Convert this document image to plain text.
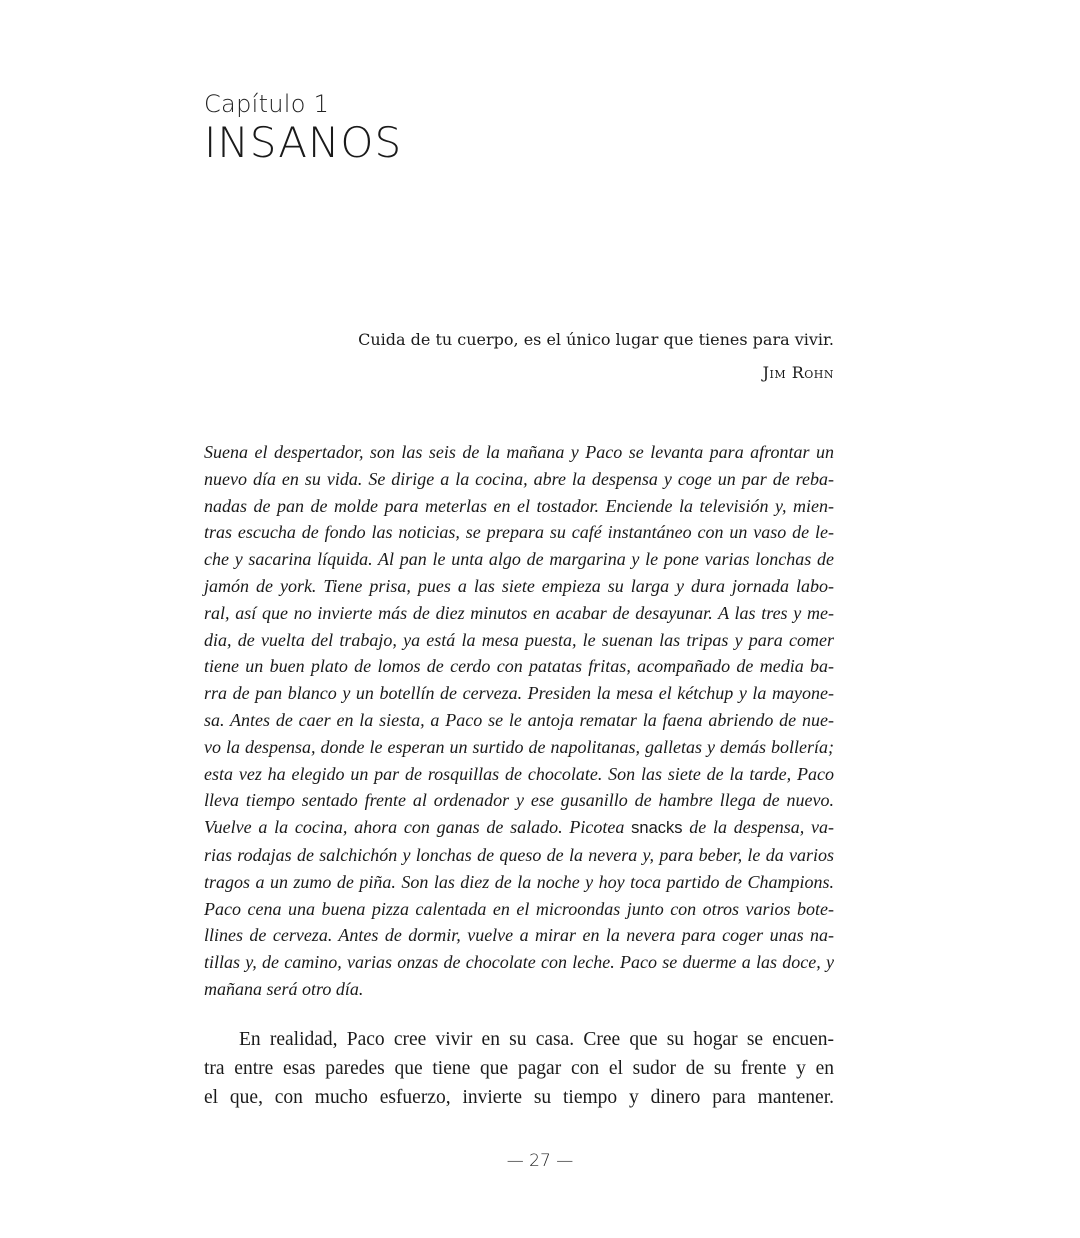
Capítulo 1
INSANOS

Cuida de tu cuerpo, es el único lugar que tienes para vivir.

Jim Rohn

Suena el despertador, son las seis de la mañana y Paco se levanta para afrontar un
nuevo día en su vida. Se dirige a la cocina, abre la despensa y coge un par de reba-
nadas de pan de molde para meterlas en el tostador. Enciende la televisión y, mien-
tras escucha de fondo las noticias, se prepara su café instantáneo con un vaso de le-
che y sacarina líquida. Al pan le unta algo de margarina y le pone varias lonchas de
jamón de york. Tiene prisa, pues a las siete empieza su larga y dura jornada labo-
ral, así que no invierte más de diez minutos en acabar de desayunar. A las tres y me-
dia, de vuelta del trabajo, ya está la mesa puesta, le suenan las tripas y para comer
tiene un buen plato de lomos de cerdo con patatas fritas, acompañado de media ba-
rra de pan blanco y un botellín de cerveza. Presiden la mesa el kétchup y la mayone-
sa. Antes de caer en la siesta, a Paco se le antoja rematar la faena abriendo de nue-
vo la despensa, donde le esperan un surtido de napolitanas, galletas y demás bollería;
esta vez ha elegido un par de rosquillas de chocolate. Son las siete de la tarde, Paco
lleva tiempo sentado frente al ordenador y ese gusanillo de hambre llega de nuevo.
Vuelve a la cocina, ahora con ganas de salado. Picotea snacks de la despensa, va-
rias rodajas de salchichón y lonchas de queso de la nevera y, para beber, le da varios
tragos a un zumo de piña. Son las diez de la noche y hoy toca partido de Champions.
Paco cena una buena pizza calentada en el microondas junto con otros varios bote-
llines de cerveza. Antes de dormir, vuelve a mirar en la nevera para coger unas na-
tillas y, de camino, varias onzas de chocolate con leche. Paco se duerme a las doce, y
mañana será otro día.
En realidad, Paco cree vivir en su casa. Cree que su hogar se encuen-
tra entre esas paredes que tiene que pagar con el sudor de su frente y en
el que, con mucho esfuerzo, invierte su tiempo y dinero para mantener.
— 27 —
